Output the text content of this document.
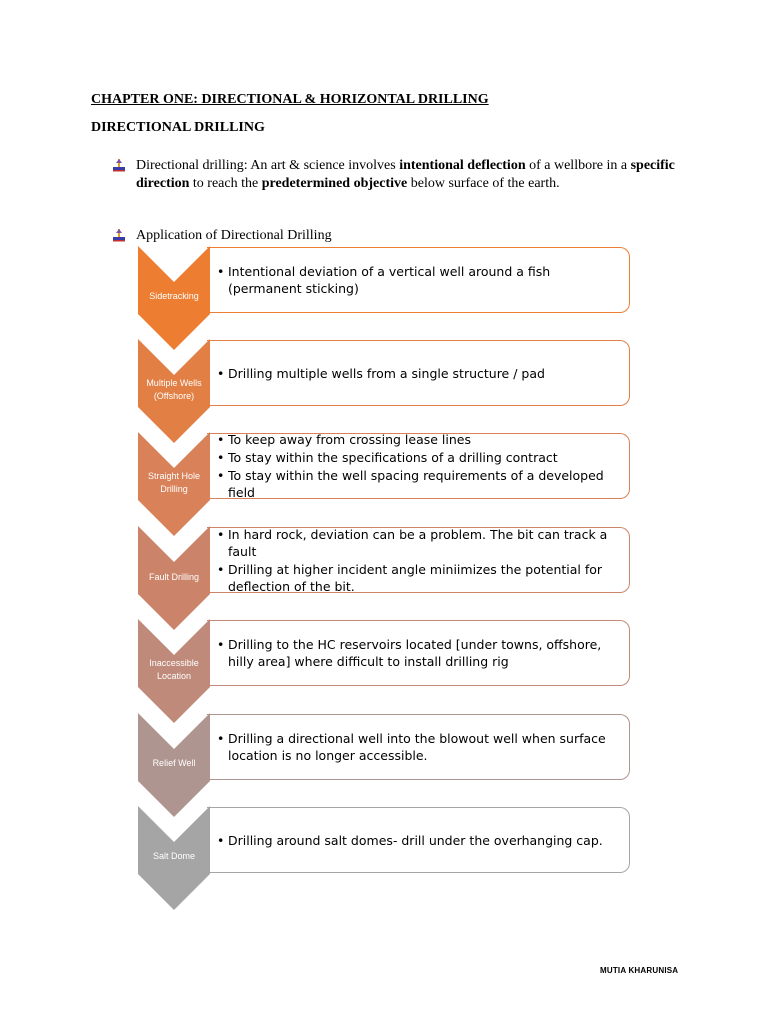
CHAPTER ONE: DIRECTIONAL & HORIZONTAL DRILLING
DIRECTIONAL DRILLING
Directional drilling: An art & science involves intentional deflection of a wellbore in a specific direction to reach the predetermined objective below surface of the earth.
Application of Directional Drilling
• Intentional deviation of a vertical well around a fish (permanent sticking)
Sidetracking
• Drilling multiple wells from a single structure / pad
Multiple Wells (Offshore)
• To keep away from crossing lease lines
• To stay within the specifications of a drilling contract
• To stay within the well spacing requirements of a developed field
Straight Hole Drilling
• In hard rock, deviation can be a problem. The bit can track a fault
• Drilling at higher incident angle miniimizes the potential for deflection of the bit.
Fault Drilling
• Drilling to the HC reservoirs located [under towns, offshore, hilly area] where difficult to install drilling rig
Inaccessible Location
• Drilling a directional well into the blowout well when surface location is no longer accessible.
Relief Well
• Drilling around salt domes- drill under the overhanging cap.
Salt Dome
MUTIA KHARUNISA
